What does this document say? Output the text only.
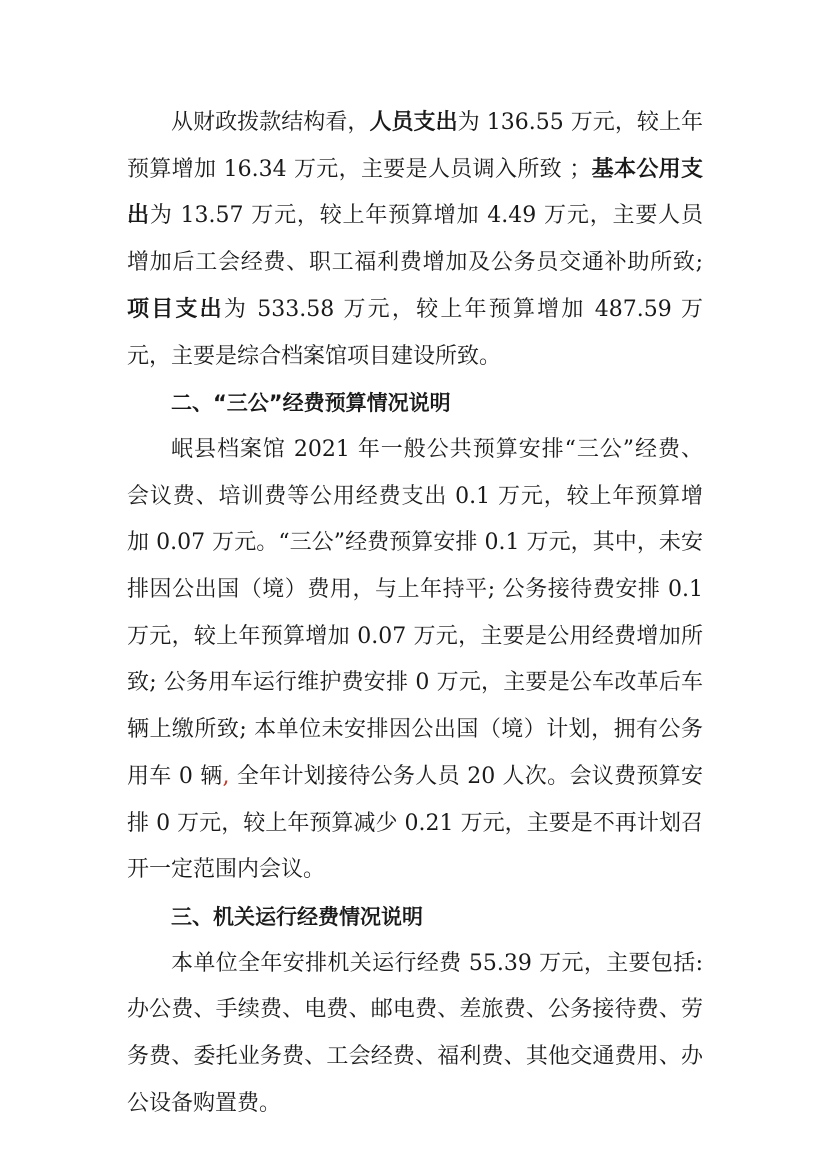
从财政拨款结构看，人员支出为 136.55 万元，较上年预算增加 16.34 万元，主要是人员调入所致 ；基本公用支出为 13.57 万元，较上年预算增加 4.49 万元，主要人员增加后工会经费、职工福利费增加及公务员交通补助所致;项目支出为 533.58 万元，较上年预算增加 487.59 万元，主要是综合档案馆项目建设所致。

二、“三公”经费预算情况说明

岷县档案馆 2021 年一般公共预算安排“三公”经费、会议费、培训费等公用经费支出 0.1 万元，较上年预算增加 0.07 万元。“三公”经费预算安排 0.1 万元，其中，未安排因公出国（境）费用，与上年持平; 公务接待费安排 0.1 万元，较上年预算增加 0.07 万元，主要是公用经费增加所致; 公务用车运行维护费安排 0 万元，主要是公车改革后车辆上缴所致; 本单位未安排因公出国（境）计划，拥有公务用车 0 辆, 全年计划接待公务人员 20 人次。会议费预算安排 0 万元，较上年预算减少 0.21 万元，主要是不再计划召开一定范围内会议。

三、机关运行经费情况说明

本单位全年安排机关运行经费 55.39 万元，主要包括: 办公费、手续费、电费、邮电费、差旅费、公务接待费、劳务费、委托业务费、工会经费、福利费、其他交通费用、办公设备购置费。
